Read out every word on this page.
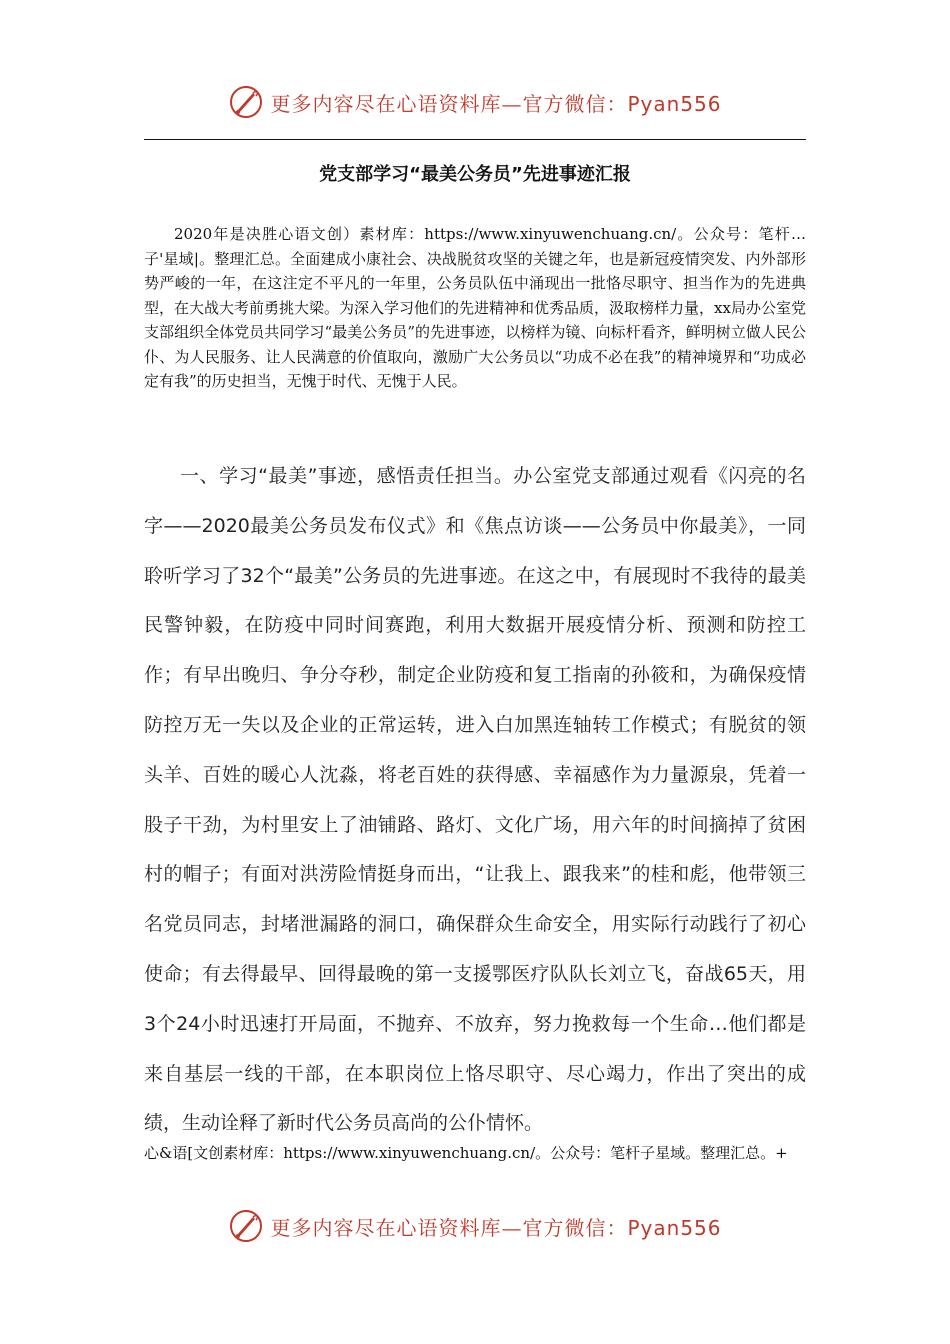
更多内容尽在心语资料库—官方微信：Pyan556
党支部学习“最美公务员”先进事迹汇报

2020年是决胜心语文创）素材库：https://www.xinyuwenchuang.cn/。公众号：笔杆…子'星域|。整理汇总。全面建成小康社会、决战脱贫攻坚的关键之年，也是新冠疫情突发、内外部形势严峻的一年，在这注定不平凡的一年里，公务员队伍中涌现出一批恪尽职守、担当作为的先进典型，在大战大考前勇挑大梁。为深入学习他们的先进精神和优秀品质，汲取榜样力量，xx局办公室党支部组织全体党员共同学习“最美公务员”的先进事迹，以榜样为镜、向标杆看齐，鲜明树立做人民公仆、为人民服务、让人民满意的价值取向，激励广大公务员以“功成不必在我”的精神境界和“功成必定有我”的历史担当，无愧于时代、无愧于人民。

一、学习“最美”事迹，感悟责任担当。办公室党支部通过观看《闪亮的名字——2020最美公务员发布仪式》和《焦点访谈——公务员中你最美》，一同聆听学习了32个“最美”公务员的先进事迹。在这之中，有展现时不我待的最美民警钟毅，在防疫中同时间赛跑，利用大数据开展疫情分析、预测和防控工作；有早出晚归、争分夺秒，制定企业防疫和复工指南的孙筱和，为确保疫情防控万无一失以及企业的正常运转，进入白加黑连轴转工作模式；有脱贫的领头羊、百姓的暖心人沈淼，将老百姓的获得感、幸福感作为力量源泉，凭着一股子干劲，为村里安上了油铺路、路灯、文化广场，用六年的时间摘掉了贫困村的帽子；有面对洪涝险情挺身而出，“让我上、跟我来”的桂和彪，他带领三名党员同志，封堵泄漏路的洞口，确保群众生命安全，用实际行动践行了初心使命；有去得最早、回得最晚的第一支援鄂医疗队队长刘立飞，奋战65天，用3个24小时迅速打开局面，不抛弃、不放弃，努力挽救每一个生命…他们都是来自基层一线的干部，在本职岗位上恪尽职守、尽心竭力，作出了突出的成绩，生动诠释了新时代公务员高尚的公仆情怀。

心&语[文创素材库：https://www.xinyuwenchuang.cn/。公众号：笔杆子星域。整理汇总。+

更多内容尽在心语资料库—官方微信：Pyan556
